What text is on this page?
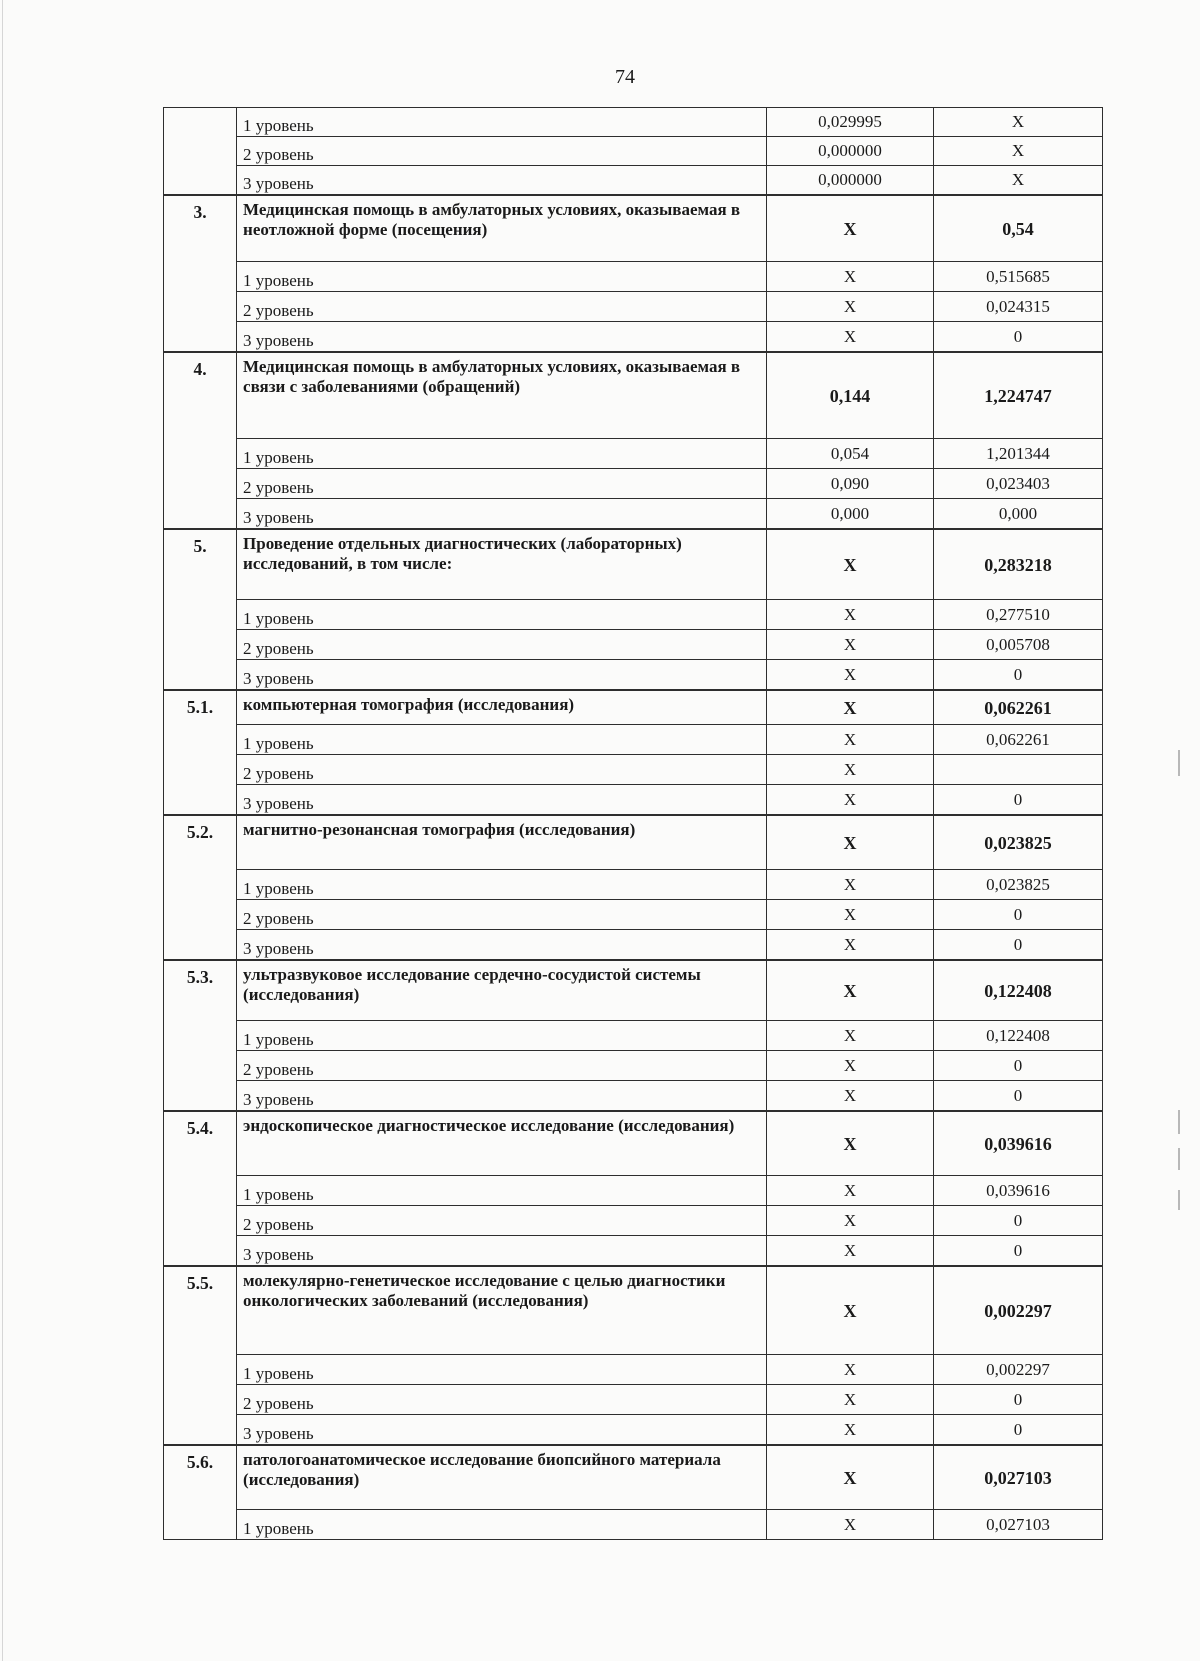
74
	1 уровень	0,029995	X
	2 уровень	0,000000	X
	3 уровень	0,000000	X
3.	Медицинская помощь в амбулаторных условиях, оказываемая в неотложной форме (посещения)	X	0,54
	1 уровень	X	0,515685
	2 уровень	X	0,024315
	3 уровень	X	0
4.	Медицинская помощь в амбулаторных условиях, оказываемая в связи с заболеваниями (обращений)	0,144	1,224747
	1 уровень	0,054	1,201344
	2 уровень	0,090	0,023403
	3 уровень	0,000	0,000
5.	Проведение отдельных диагностических (лабораторных) исследований, в том числе:	X	0,283218
	1 уровень	X	0,277510
	2 уровень	X	0,005708
	3 уровень	X	0
5.1.	компьютерная томография (исследования)	X	0,062261
	1 уровень	X	0,062261
	2 уровень	X	
	3 уровень	X	0
5.2.	магнитно-резонансная томография (исследования)	X	0,023825
	1 уровень	X	0,023825
	2 уровень	X	0
	3 уровень	X	0
5.3.	ультразвуковое исследование сердечно-сосудистой системы (исследования)	X	0,122408
	1 уровень	X	0,122408
	2 уровень	X	0
	3 уровень	X	0
5.4.	эндоскопическое диагностическое исследование (исследования)	X	0,039616
	1 уровень	X	0,039616
	2 уровень	X	0
	3 уровень	X	0
5.5.	молекулярно-генетическое исследование с целью диагностики онкологических заболеваний (исследования)	X	0,002297
	1 уровень	X	0,002297
	2 уровень	X	0
	3 уровень	X	0
5.6.	патологоанатомическое исследование биопсийного материала (исследования)	X	0,027103
	1 уровень	X	0,027103
